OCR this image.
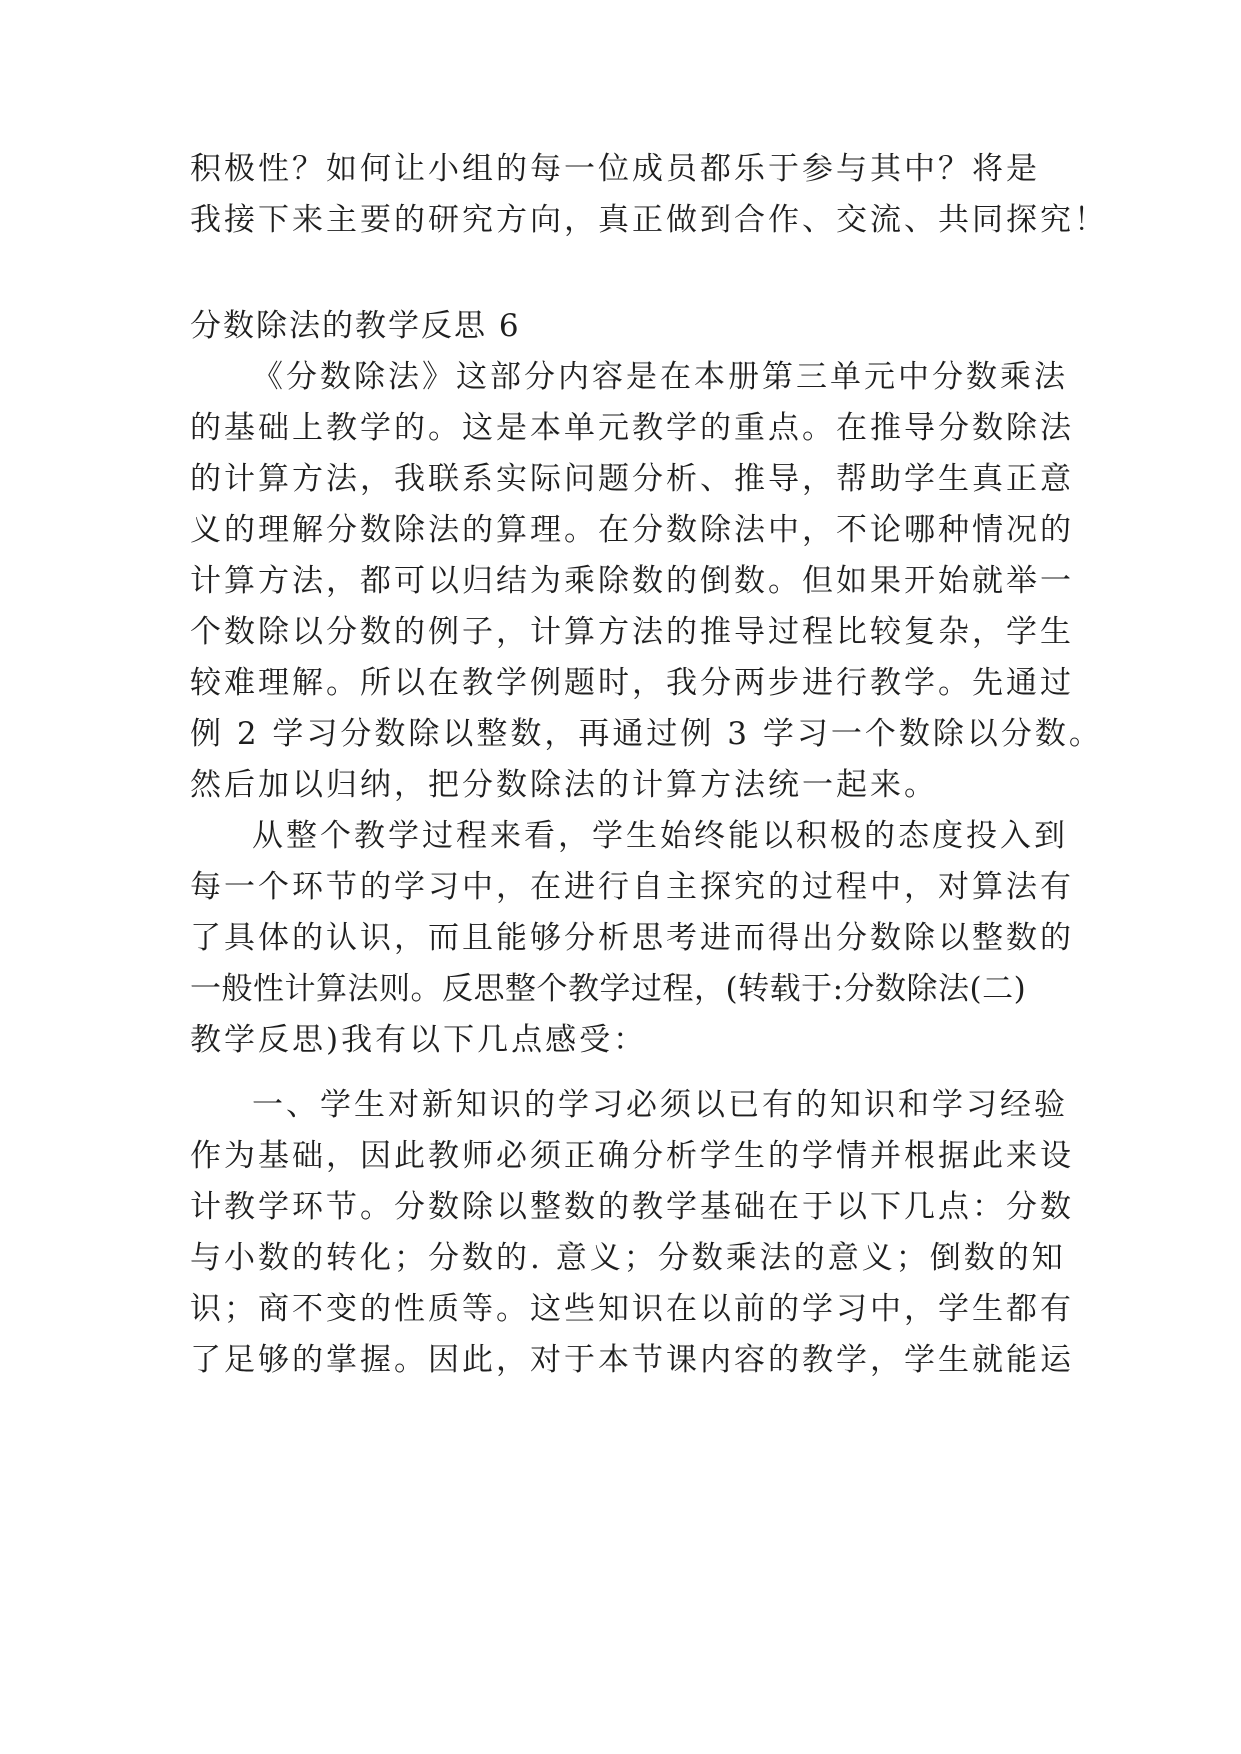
积极性？如何让小组的每一位成员都乐于参与其中？将是
我接下来主要的研究方向，真正做到合作、交流、共同探究！
分数除法的教学反思 6
《分数除法》这部分内容是在本册第三单元中分数乘法
的基础上教学的。这是本单元教学的重点。在推导分数除法
的计算方法，我联系实际问题分析、推导，帮助学生真正意
义的理解分数除法的算理。在分数除法中，不论哪种情况的
计算方法，都可以归结为乘除数的倒数。但如果开始就举一
个数除以分数的例子，计算方法的推导过程比较复杂，学生
较难理解。所以在教学例题时，我分两步进行教学。先通过
例 2 学习分数除以整数，再通过例 3 学习一个数除以分数。
然后加以归纳，把分数除法的计算方法统一起来。
从整个教学过程来看，学生始终能以积极的态度投入到
每一个环节的学习中，在进行自主探究的过程中，对算法有
了具体的认识，而且能够分析思考进而得出分数除以整数的
一般性计算法则。反思整个教学过程，(转载于:分数除法(二)
教学反思)我有以下几点感受：
一、学生对新知识的学习必须以已有的知识和学习经验
作为基础，因此教师必须正确分析学生的学情并根据此来设
计教学环节。分数除以整数的教学基础在于以下几点：分数
与小数的转化；分数的. 意义；分数乘法的意义；倒数的知
识；商不变的性质等。这些知识在以前的学习中，学生都有
了足够的掌握。因此，对于本节课内容的教学，学生就能运
